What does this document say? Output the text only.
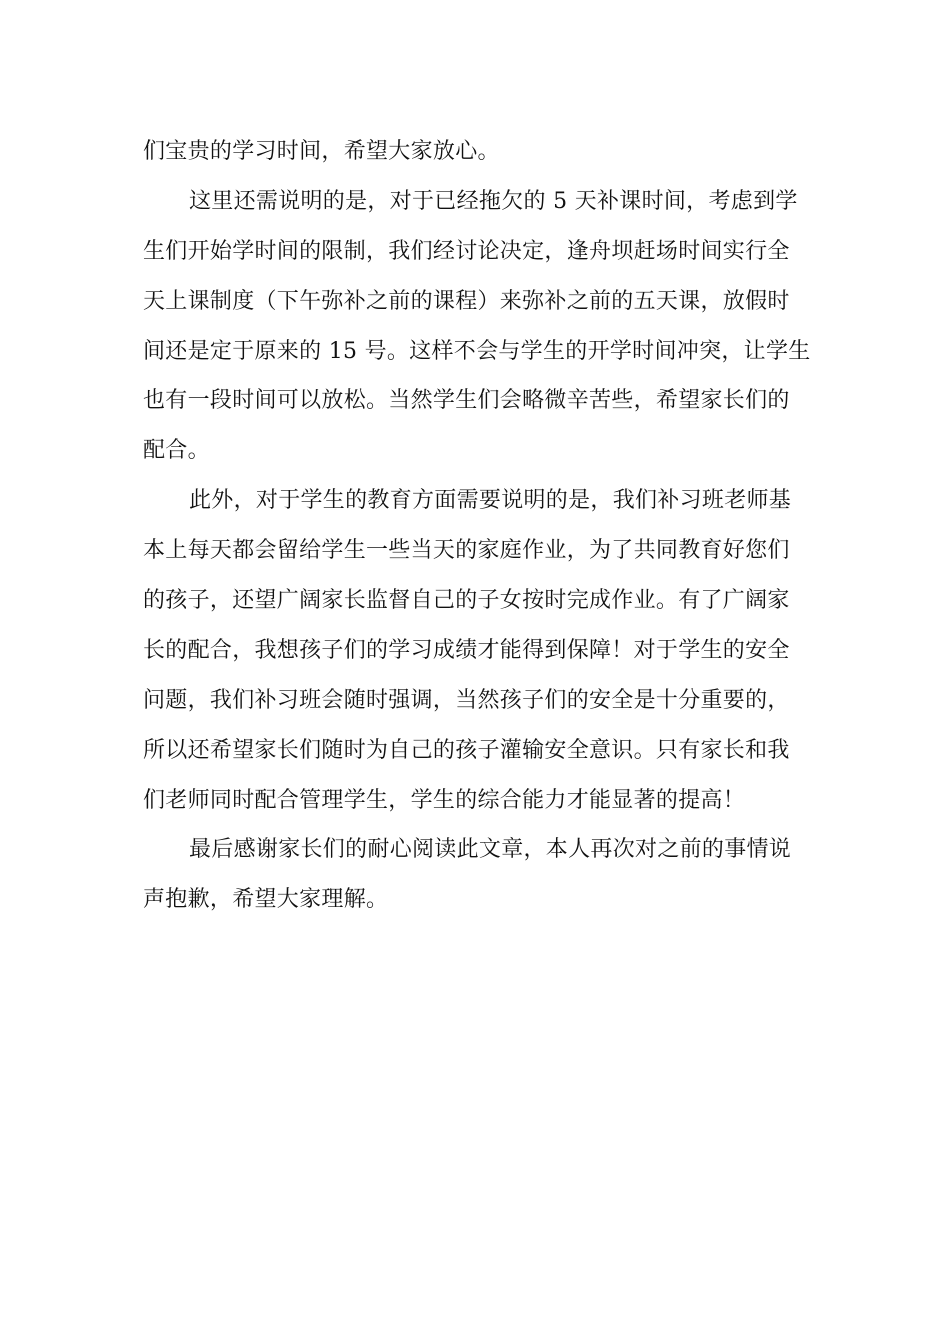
们宝贵的学习时间，希望大家放心。
这里还需说明的是，对于已经拖欠的 5 天补课时间，考虑到学
生们开始学时间的限制，我们经讨论决定，逢舟坝赶场时间实行全
天上课制度（下午弥补之前的课程）来弥补之前的五天课，放假时
间还是定于原来的 15 号。这样不会与学生的开学时间冲突，让学生
也有一段时间可以放松。当然学生们会略微辛苦些，希望家长们的
配合。
此外，对于学生的教育方面需要说明的是，我们补习班老师基
本上每天都会留给学生一些当天的家庭作业，为了共同教育好您们
的孩子，还望广阔家长监督自己的子女按时完成作业。有了广阔家
长的配合，我想孩子们的学习成绩才能得到保障！对于学生的安全
问题，我们补习班会随时强调，当然孩子们的安全是十分重要的，
所以还希望家长们随时为自己的孩子灌输安全意识。只有家长和我
们老师同时配合管理学生，学生的综合能力才能显著的提高！
最后感谢家长们的耐心阅读此文章，本人再次对之前的事情说
声抱歉，希望大家理解。
